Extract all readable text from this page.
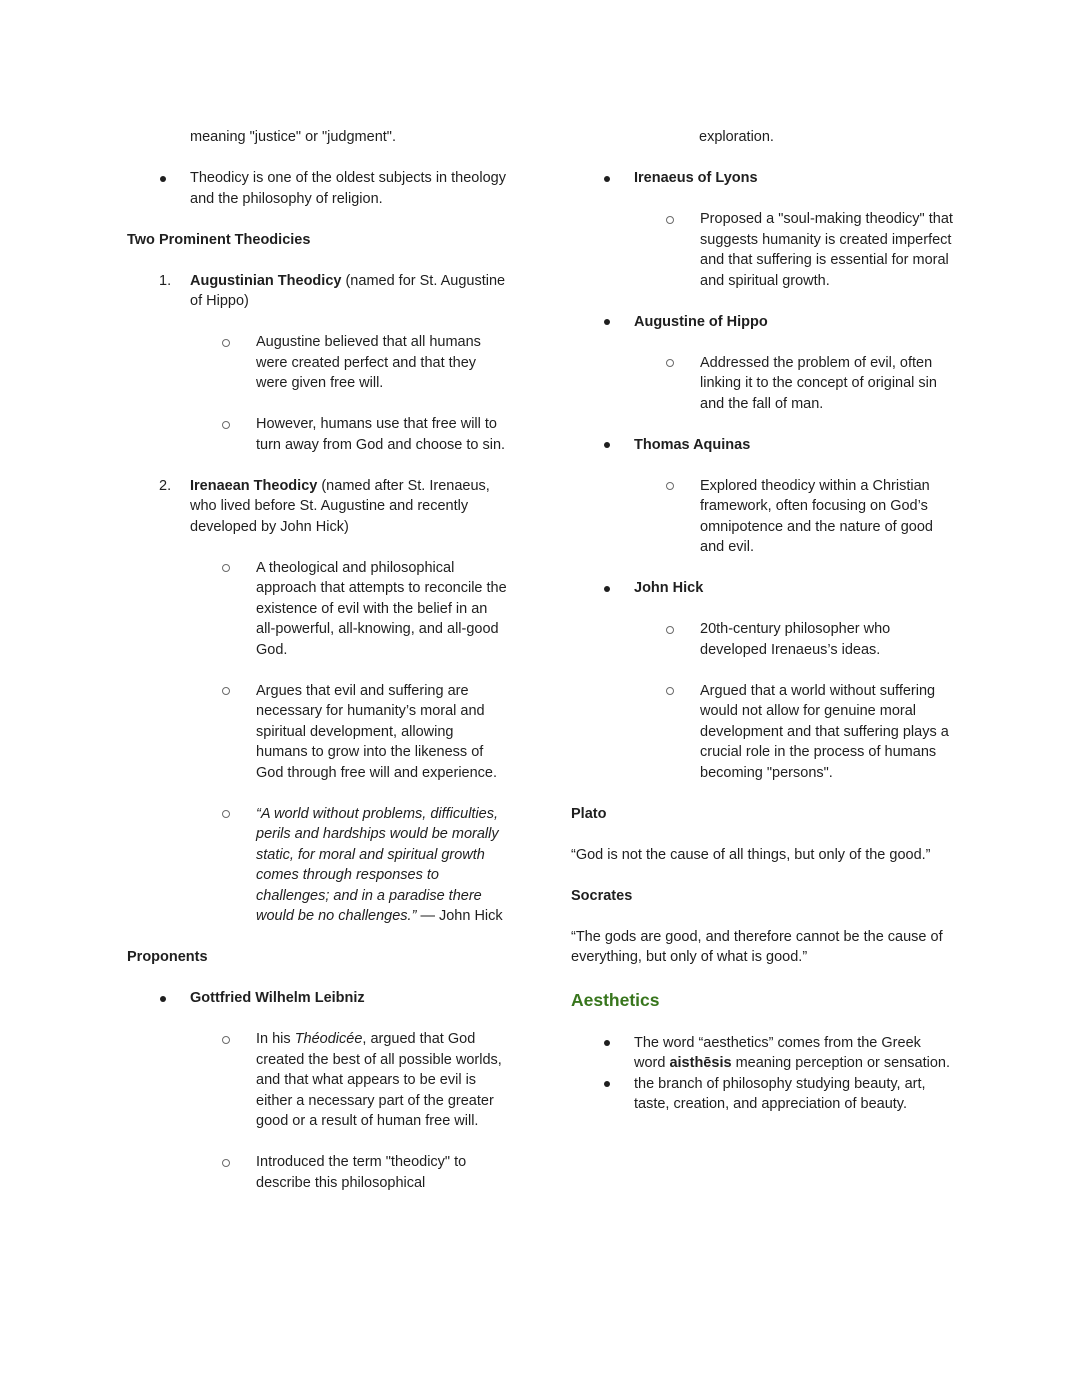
meaning "justice" or "judgment".
Theodicy is one of the oldest subjects in theology and the philosophy of religion.
Two Prominent Theodicies
1.	Augustinian Theodicy (named for St. Augustine of Hippo)
Augustine believed that all humans were created perfect and that they were given free will.
However, humans use that free will to turn away from God and choose to sin.
2.	Irenaean Theodicy (named after St. Irenaeus, who lived before St. Augustine and recently developed by John Hick)
A theological and philosophical approach that attempts to reconcile the existence of evil with the belief in an all-powerful, all-knowing, and all-good God.
Argues that evil and suffering are necessary for humanity’s moral and spiritual development, allowing humans to grow into the likeness of God through free will and experience.
“A world without problems, difficulties, perils and hardships would be morally static, for moral and spiritual growth comes through responses to challenges; and in a paradise there would be no challenges.” — John Hick
Proponents
Gottfried Wilhelm Leibniz
In his Théodicée, argued that God created the best of all possible worlds, and that what appears to be evil is either a necessary part of the greater good or a result of human free will.
Introduced the term "theodicy" to describe this philosophical
exploration.
Irenaeus of Lyons
Proposed a "soul-making theodicy" that suggests humanity is created imperfect and that suffering is essential for moral and spiritual growth.
Augustine of Hippo
Addressed the problem of evil, often linking it to the concept of original sin and the fall of man.
Thomas Aquinas
Explored theodicy within a Christian framework, often focusing on God’s omnipotence and the nature of good and evil.
John Hick
20th-century philosopher who developed Irenaeus’s ideas.
Argued that a world without suffering would not allow for genuine moral development and that suffering plays a crucial role in the process of humans becoming "persons".
Plato
“God is not the cause of all things, but only of the good.”
Socrates
“The gods are good, and therefore cannot be the cause of everything, but only of what is good.”
Aesthetics
The word “aesthetics” comes from the Greek word aisthēsis meaning perception or sensation.
the branch of philosophy studying beauty, art, taste, creation, and appreciation of beauty.
